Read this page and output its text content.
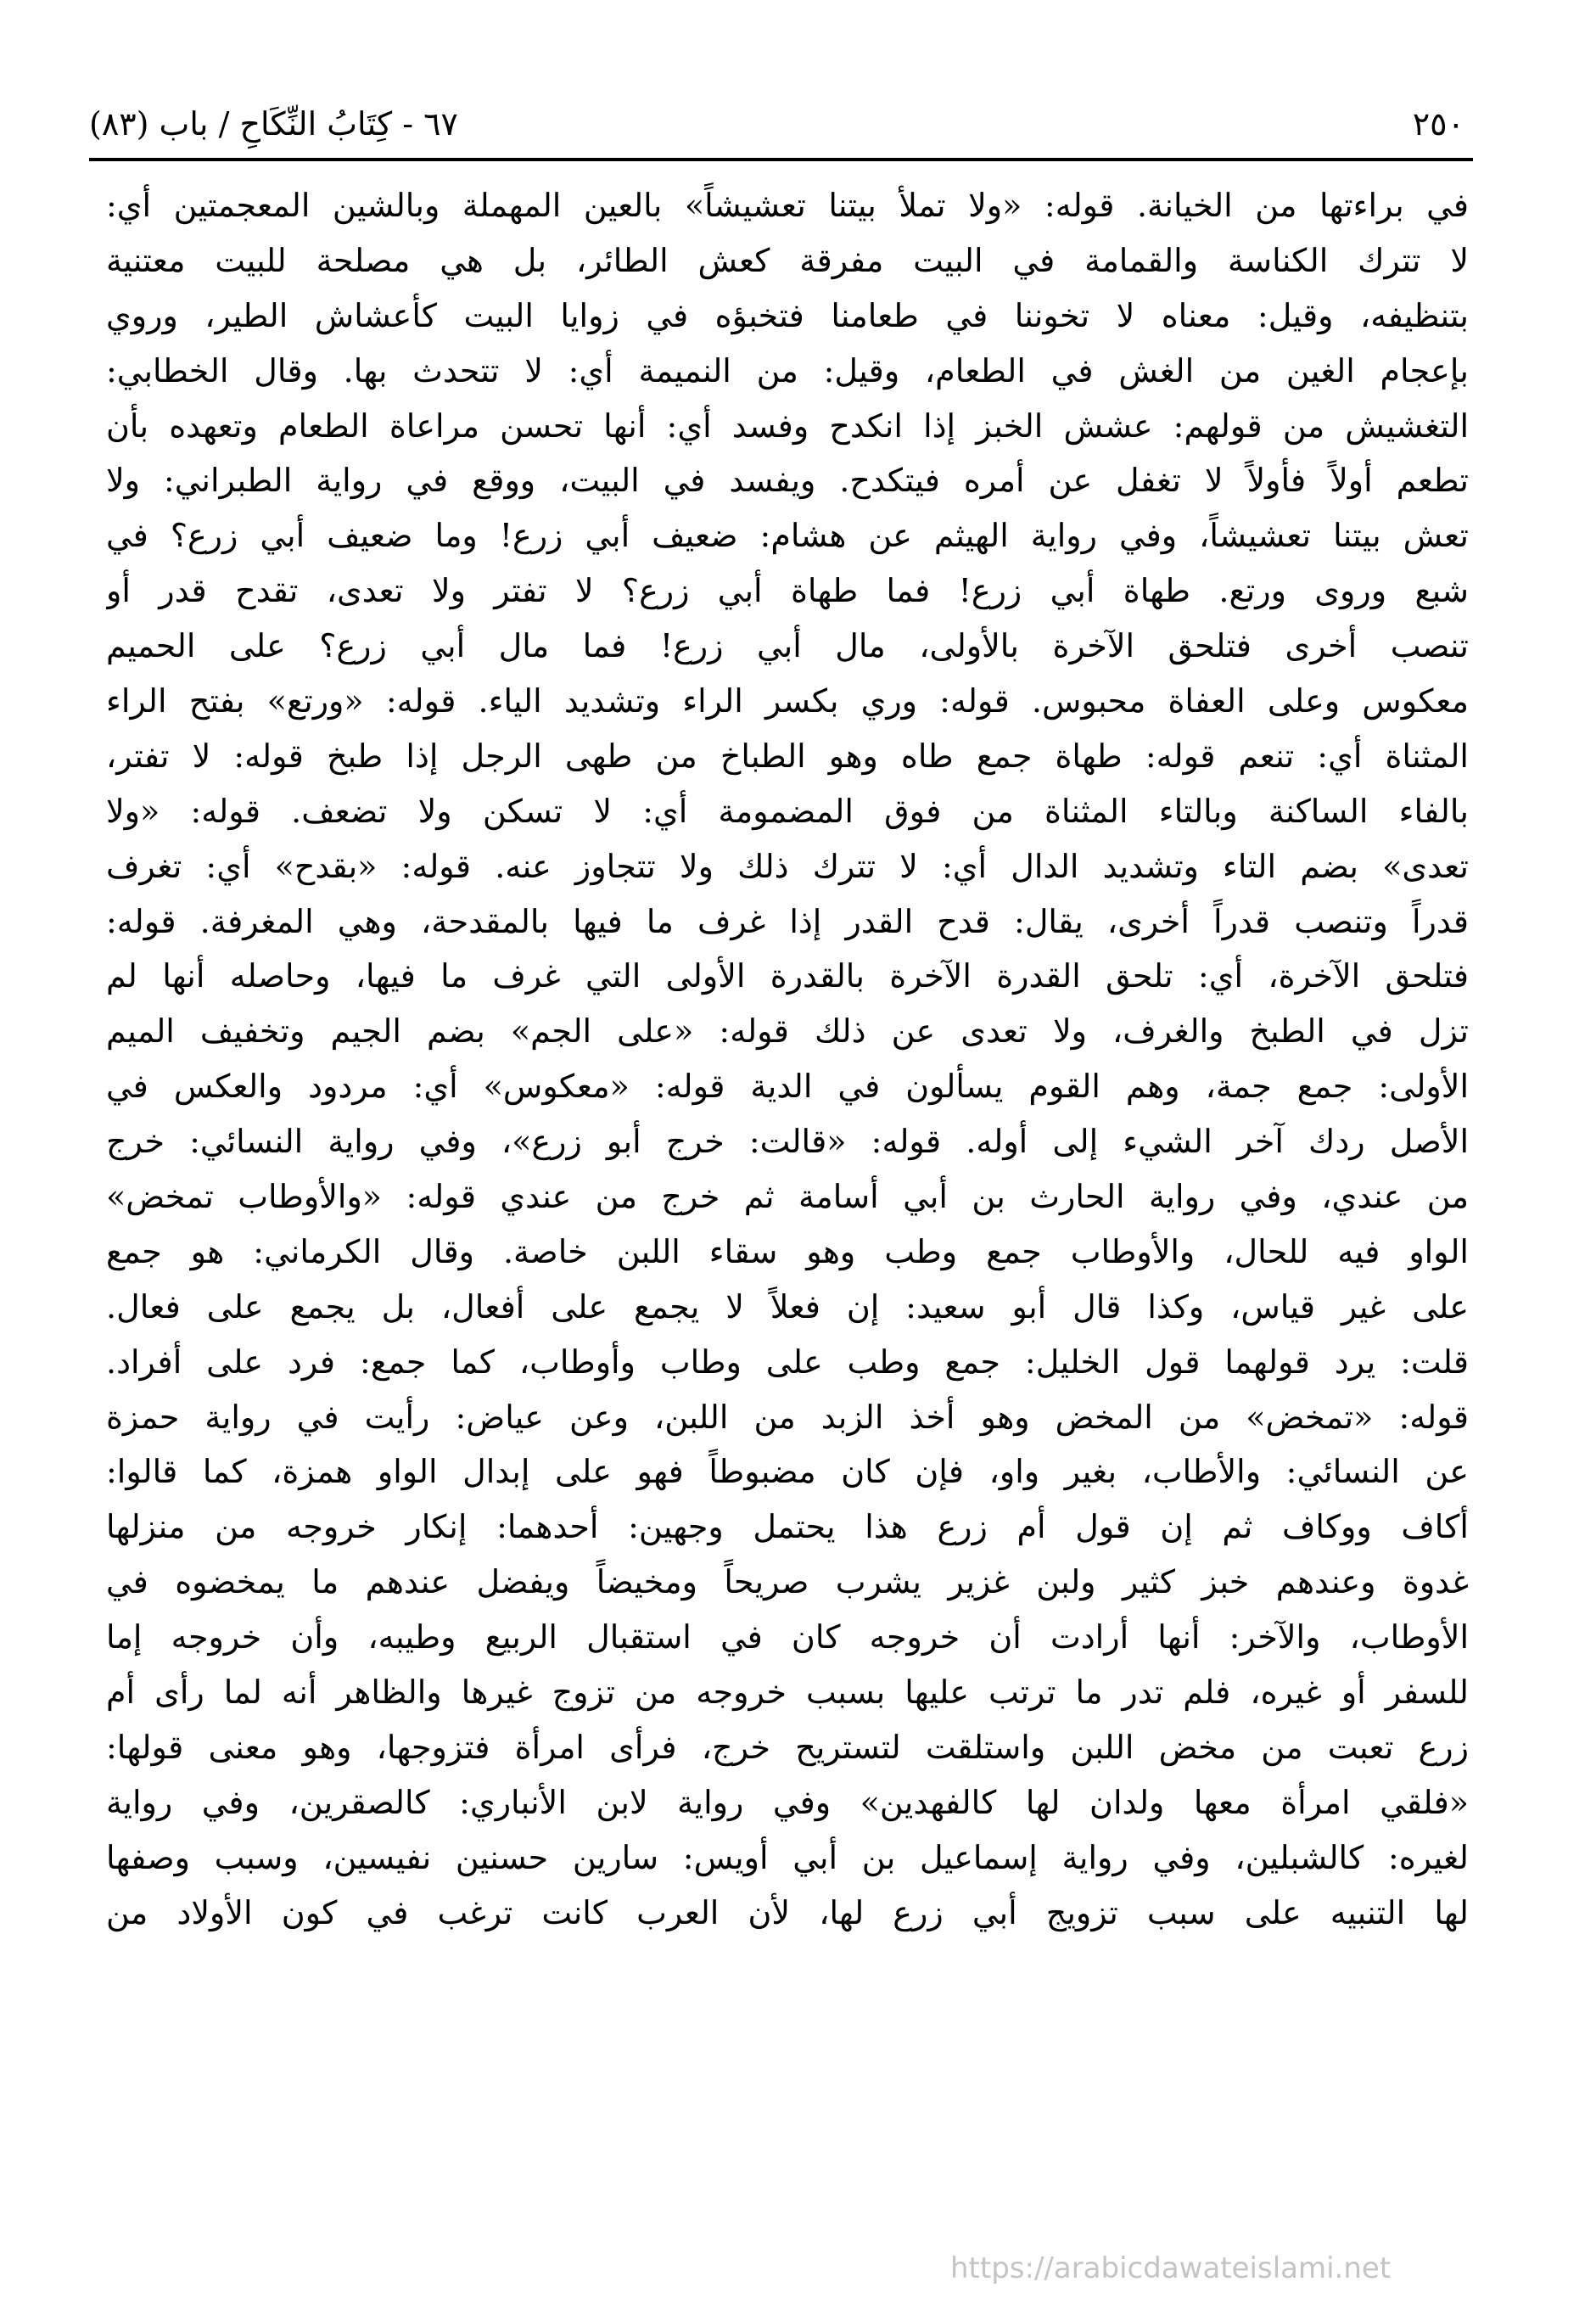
٢٥٠
٦٧ - كِتَابُ النِّكَاحِ / باب (٨٣)
في براءتها من الخيانة. قوله: «ولا تملأ بيتنا تعشيشاً» بالعين المهملة وبالشين المعجمتين أي:
لا تترك الكناسة والقمامة في البيت مفرقة كعش الطائر، بل هي مصلحة للبيت معتنية
بتنظيفه، وقيل: معناه لا تخوننا في طعامنا فتخبؤه في زوايا البيت كأعشاش الطير، وروي
بإعجام الغين من الغش في الطعام، وقيل: من النميمة أي: لا تتحدث بها. وقال الخطابي:
التغشيش من قولهم: عشش الخبز إذا انكدح وفسد أي: أنها تحسن مراعاة الطعام وتعهده بأن
تطعم أولاً فأولاً لا تغفل عن أمره فيتكدح. ويفسد في البيت، ووقع في رواية الطبراني: ولا
تعش بيتنا تعشيشاً، وفي رواية الهيثم عن هشام: ضعيف أبي زرع! وما ضعيف أبي زرع؟ في
شبع وروى ورتع. طهاة أبي زرع! فما طهاة أبي زرع؟ لا تفتر ولا تعدى، تقدح قدر أو
تنصب أخرى فتلحق الآخرة بالأولى، مال أبي زرع! فما مال أبي زرع؟ على الحميم
معكوس وعلى العفاة محبوس. قوله: وري بكسر الراء وتشديد الياء. قوله: «ورتع» بفتح الراء
المثناة أي: تنعم قوله: طهاة جمع طاه وهو الطباخ من طهى الرجل إذا طبخ قوله: لا تفتر،
بالفاء الساكنة وبالتاء المثناة من فوق المضمومة أي: لا تسكن ولا تضعف. قوله: «ولا
تعدى» بضم التاء وتشديد الدال أي: لا تترك ذلك ولا تتجاوز عنه. قوله: «بقدح» أي: تغرف
قدراً وتنصب قدراً أخرى، يقال: قدح القدر إذا غرف ما فيها بالمقدحة، وهي المغرفة. قوله:
فتلحق الآخرة، أي: تلحق القدرة الآخرة بالقدرة الأولى التي غرف ما فيها، وحاصله أنها لم
تزل في الطبخ والغرف، ولا تعدى عن ذلك قوله: «على الجم» بضم الجيم وتخفيف الميم
الأولى: جمع جمة، وهم القوم يسألون في الدية قوله: «معكوس» أي: مردود والعكس في
الأصل ردك آخر الشيء إلى أوله. قوله: «قالت: خرج أبو زرع»، وفي رواية النسائي: خرج
من عندي، وفي رواية الحارث بن أبي أسامة ثم خرج من عندي قوله: «والأوطاب تمخض»
الواو فيه للحال، والأوطاب جمع وطب وهو سقاء اللبن خاصة. وقال الكرماني: هو جمع
على غير قياس، وكذا قال أبو سعيد: إن فعلاً لا يجمع على أفعال، بل يجمع على فعال.
قلت: يرد قولهما قول الخليل: جمع وطب على وطاب وأوطاب، كما جمع: فرد على أفراد.
قوله: «تمخض» من المخض وهو أخذ الزبد من اللبن، وعن عياض: رأيت في رواية حمزة
عن النسائي: والأطاب، بغير واو، فإن كان مضبوطاً فهو على إبدال الواو همزة، كما قالوا:
أكاف ووكاف ثم إن قول أم زرع هذا يحتمل وجهين: أحدهما: إنكار خروجه من منزلها
غدوة وعندهم خبز كثير ولبن غزير يشرب صريحاً ومخيضاً ويفضل عندهم ما يمخضوه في
الأوطاب، والآخر: أنها أرادت أن خروجه كان في استقبال الربيع وطيبه، وأن خروجه إما
للسفر أو غيره، فلم تدر ما ترتب عليها بسبب خروجه من تزوج غيرها والظاهر أنه لما رأى أم
زرع تعبت من مخض اللبن واستلقت لتستريح خرج، فرأى امرأة فتزوجها، وهو معنى قولها:
«فلقي امرأة معها ولدان لها كالفهدين» وفي رواية لابن الأنباري: كالصقرين، وفي رواية
لغيره: كالشبلين، وفي رواية إسماعيل بن أبي أويس: سارين حسنين نفيسين، وسبب وصفها
لها التنبيه على سبب تزويج أبي زرع لها، لأن العرب كانت ترغب في كون الأولاد من
https://arabicdawateislami.net
